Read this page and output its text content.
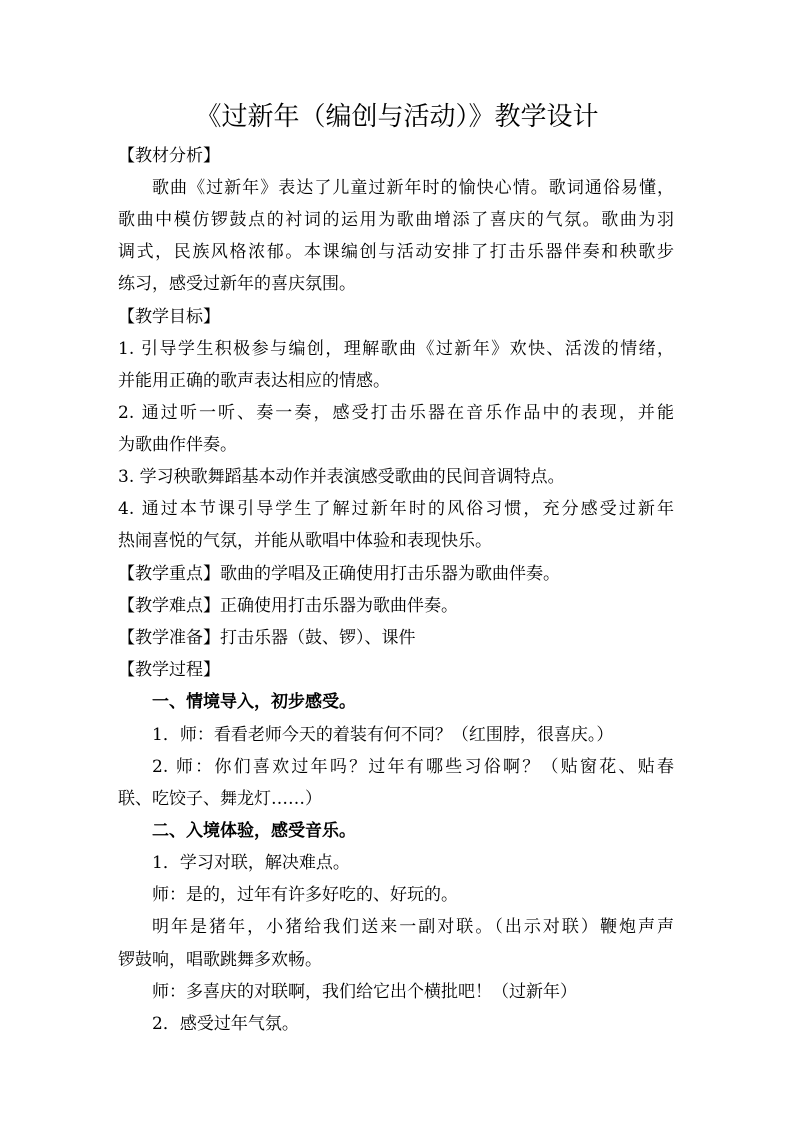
《过新年（编创与活动）》教学设计
【教材分析】
歌曲《过新年》表达了儿童过新年时的愉快心情。歌词通俗易懂，
歌曲中模仿锣鼓点的衬词的运用为歌曲增添了喜庆的气氛。歌曲为羽
调式，民族风格浓郁。本课编创与活动安排了打击乐器伴奏和秧歌步
练习，感受过新年的喜庆氛围。
【教学目标】
1. 引导学生积极参与编创，理解歌曲《过新年》欢快、活泼的情绪，
并能用正确的歌声表达相应的情感。
2. 通过听一听、奏一奏，感受打击乐器在音乐作品中的表现，并能
为歌曲作伴奏。
3. 学习秧歌舞蹈基本动作并表演感受歌曲的民间音调特点。
4. 通过本节课引导学生了解过新年时的风俗习惯，充分感受过新年
热闹喜悦的气氛，并能从歌唱中体验和表现快乐。
【教学重点】歌曲的学唱及正确使用打击乐器为歌曲伴奏。
【教学难点】正确使用打击乐器为歌曲伴奏。
【教学准备】打击乐器（鼓、锣）、课件
【教学过程】
一、情境导入，初步感受。
1．师：看看老师今天的着装有何不同？（红围脖，很喜庆。）
2. 师：你们喜欢过年吗？过年有哪些习俗啊？（贴窗花、贴春
联、吃饺子、舞龙灯……）
二、入境体验，感受音乐。
1．学习对联，解决难点。
师：是的，过年有许多好吃的、好玩的。
明年是猪年，小猪给我们送来一副对联。（出示对联）鞭炮声声
锣鼓响，唱歌跳舞多欢畅。
师：多喜庆的对联啊，我们给它出个横批吧！（过新年）
2．感受过年气氛。
